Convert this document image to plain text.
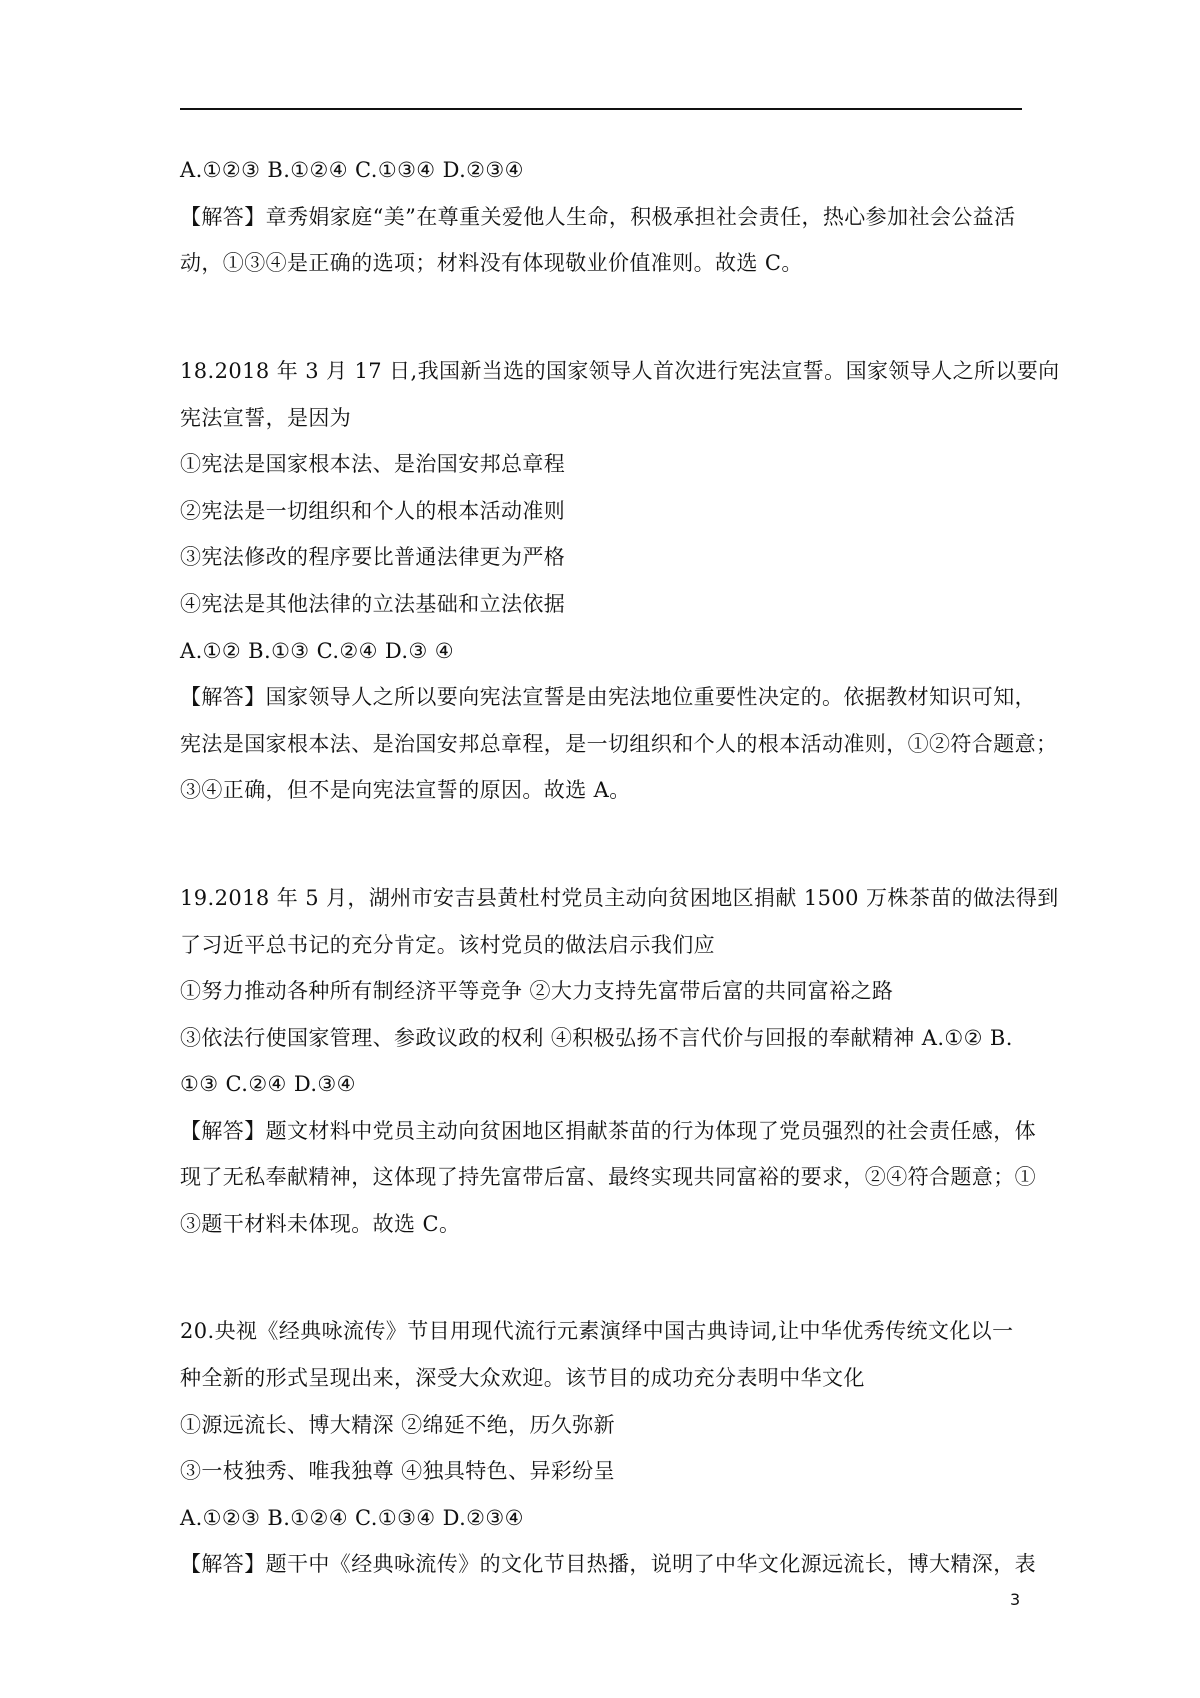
A.①②③ B.①②④ C.①③④ D.②③④
【解答】章秀娟家庭“美”在尊重关爱他人生命，积极承担社会责任，热心参加社会公益活
动，①③④是正确的选项；材料没有体现敬业价值准则。故选 C。
18.2018 年 3 月 17 日,我国新当选的国家领导人首次进行宪法宣誓。国家领导人之所以要向
宪法宣誓，是因为
①宪法是国家根本法、是治国安邦总章程
②宪法是一切组织和个人的根本活动准则
③宪法修改的程序要比普通法律更为严格
④宪法是其他法律的立法基础和立法依据
A.①② B.①③ C.②④ D.③ ④
【解答】国家领导人之所以要向宪法宣誓是由宪法地位重要性决定的。依据教材知识可知，
宪法是国家根本法、是治国安邦总章程，是一切组织和个人的根本活动准则，①②符合题意；
③④正确，但不是向宪法宣誓的原因。故选 A。
19.2018 年 5 月，湖州市安吉县黄杜村党员主动向贫困地区捐献 1500 万株茶苗的做法得到
了习近平总书记的充分肯定。该村党员的做法启示我们应
①努力推动各种所有制经济平等竞争 ②大力支持先富带后富的共同富裕之路
③依法行使国家管理、参政议政的权利 ④积极弘扬不言代价与回报的奉献精神 A.①② B.
①③ C.②④ D.③④
【解答】题文材料中党员主动向贫困地区捐献茶苗的行为体现了党员强烈的社会责任感，体
现了无私奉献精神，这体现了持先富带后富、最终实现共同富裕的要求，②④符合题意；①
③题干材料未体现。故选 C。
20.央视《经典咏流传》节目用现代流行元素演绎中国古典诗词,让中华优秀传统文化以一
种全新的形式呈现出来，深受大众欢迎。该节目的成功充分表明中华文化
①源远流长、博大精深 ②绵延不绝，历久弥新
③一枝独秀、唯我独尊 ④独具特色、异彩纷呈
A.①②③ B.①②④ C.①③④ D.②③④
【解答】题干中《经典咏流传》的文化节目热播，说明了中华文化源远流长，博大精深，表
3
